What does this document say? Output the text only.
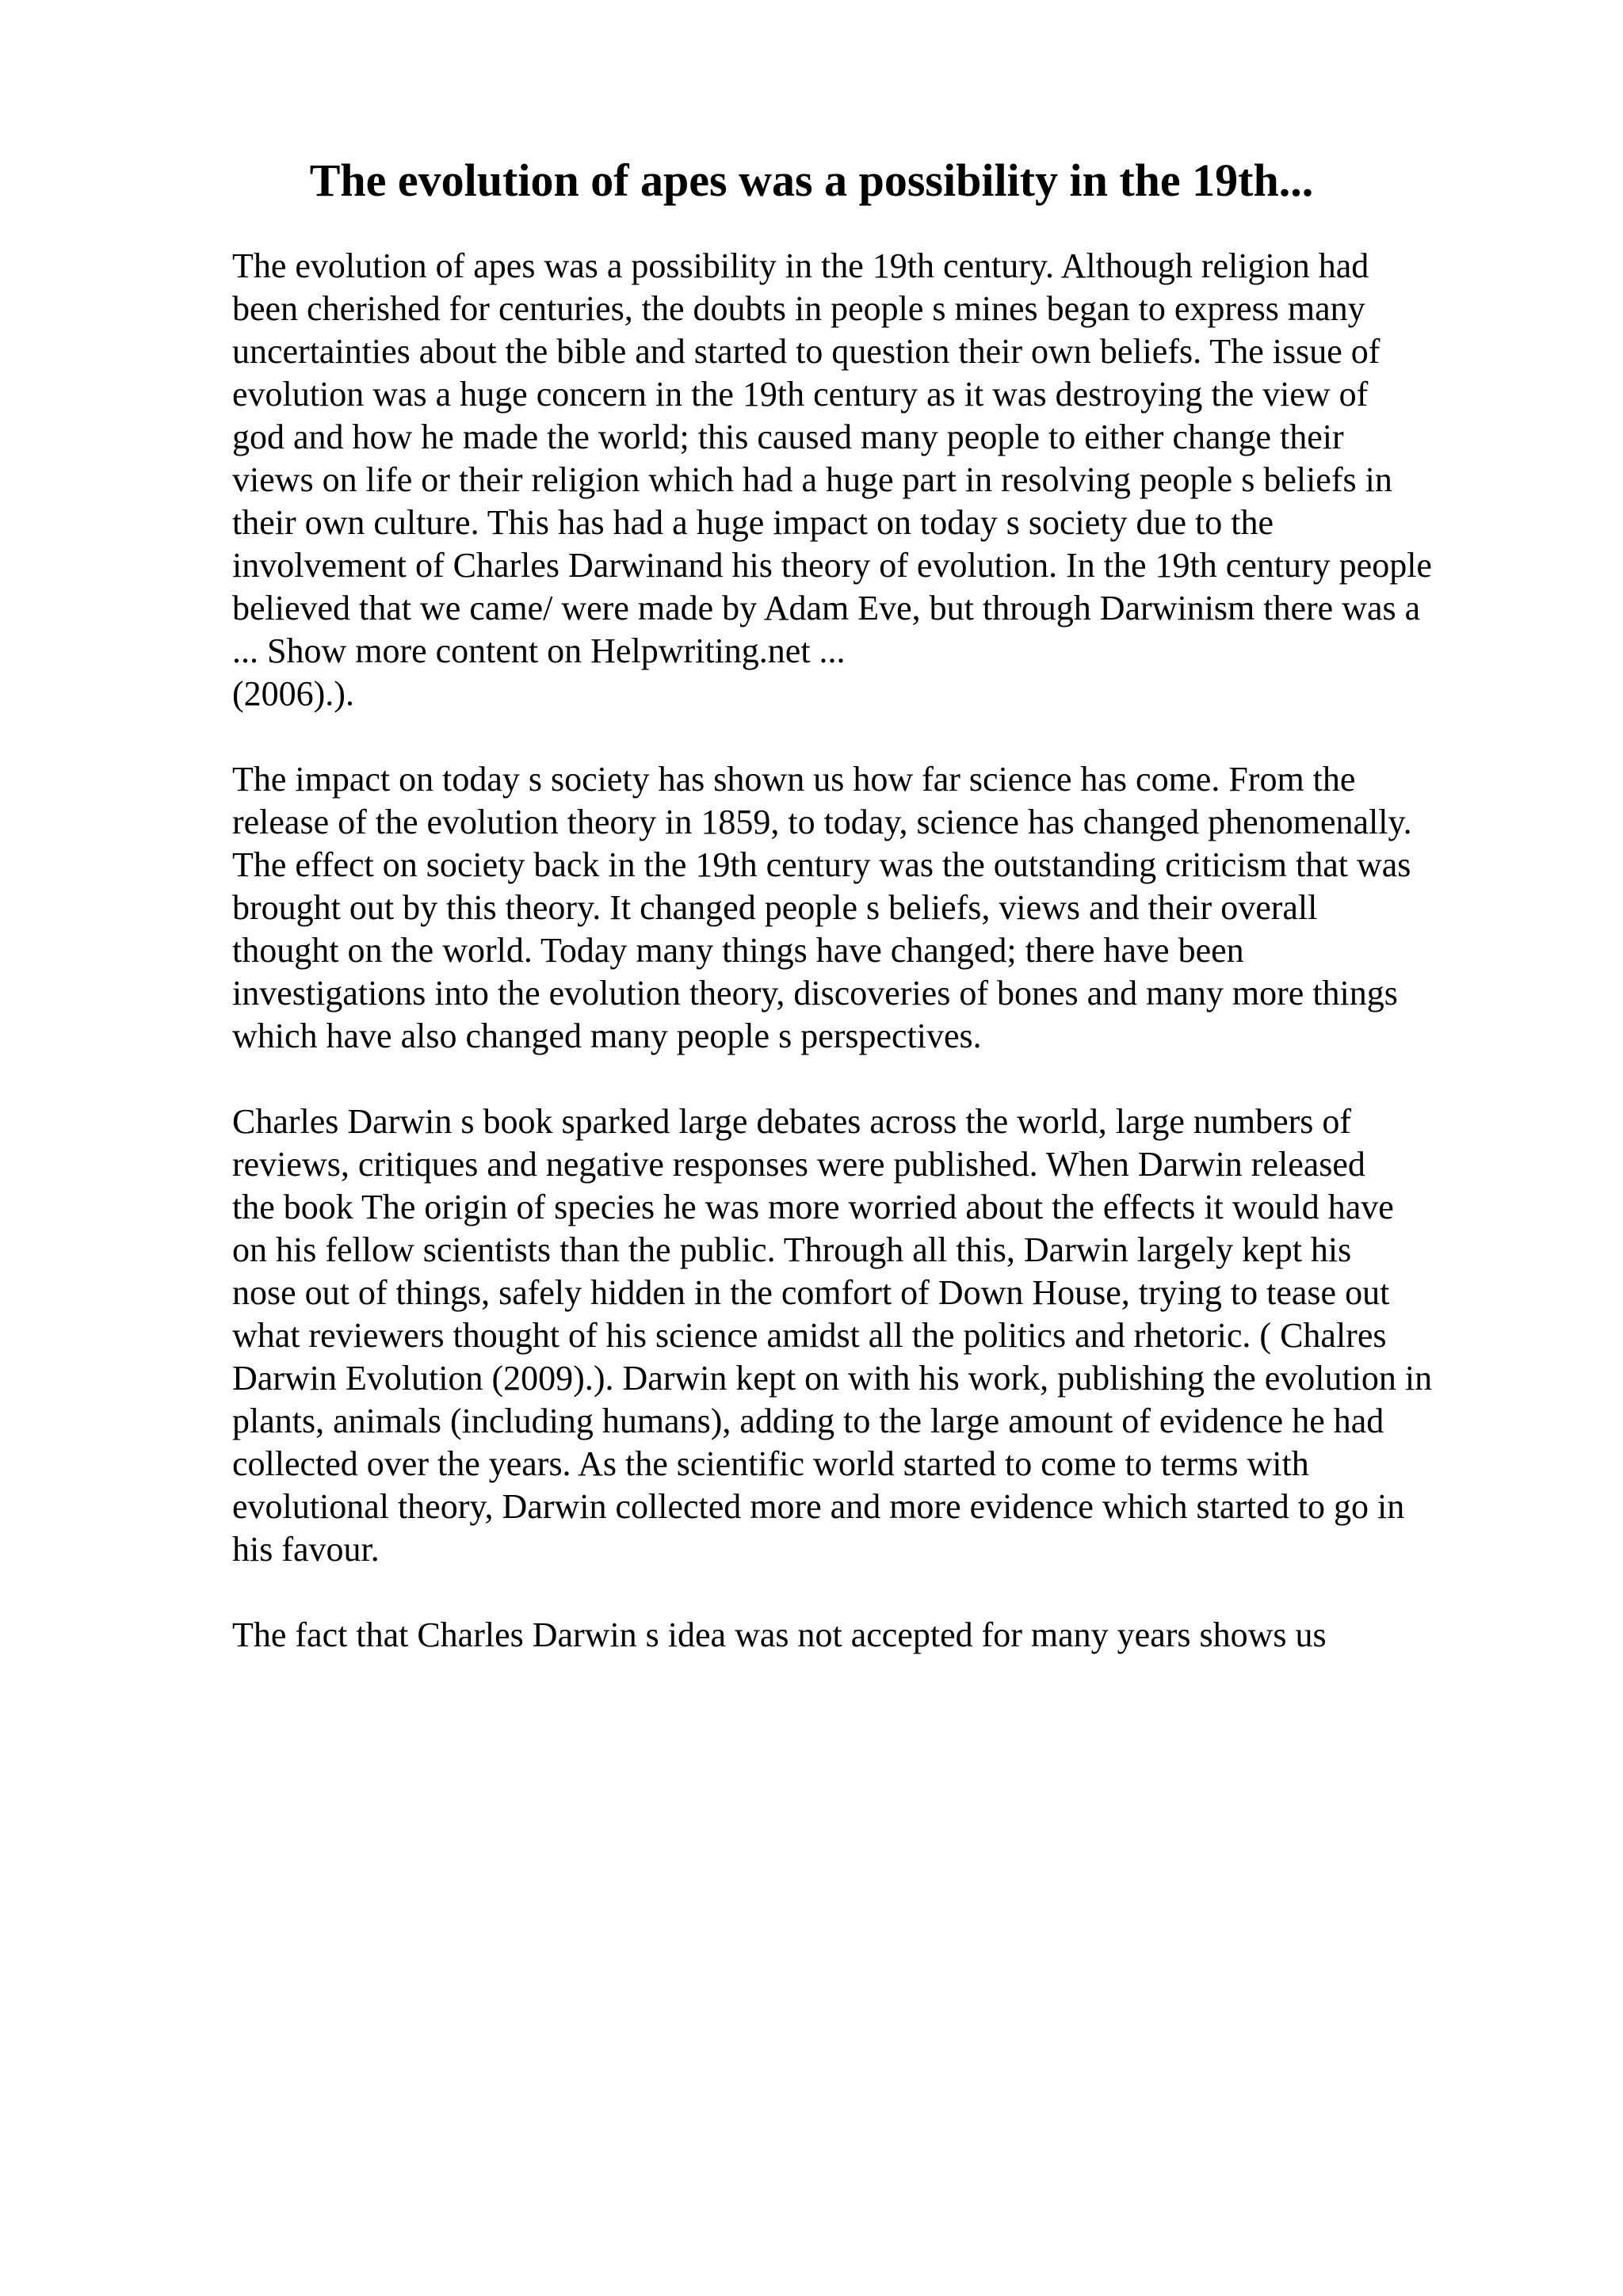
The evolution of apes was a possibility in the 19th...

The evolution of apes was a possibility in the 19th century. Although religion had
been cherished for centuries, the doubts in people s mines began to express many
uncertainties about the bible and started to question their own beliefs. The issue of
evolution was a huge concern in the 19th century as it was destroying the view of
god and how he made the world; this caused many people to either change their
views on life or their religion which had a huge part in resolving people s beliefs in
their own culture. This has had a huge impact on today s society due to the
involvement of Charles Darwinand his theory of evolution. In the 19th century people
believed that we came/ were made by Adam Eve, but through Darwinism there was a
... Show more content on Helpwriting.net ...
(2006).).

The impact on today s society has shown us how far science has come. From the
release of the evolution theory in 1859, to today, science has changed phenomenally.
The effect on society back in the 19th century was the outstanding criticism that was
brought out by this theory. It changed people s beliefs, views and their overall
thought on the world. Today many things have changed; there have been
investigations into the evolution theory, discoveries of bones and many more things
which have also changed many people s perspectives.

Charles Darwin s book sparked large debates across the world, large numbers of
reviews, critiques and negative responses were published. When Darwin released
the book The origin of species he was more worried about the effects it would have
on his fellow scientists than the public. Through all this, Darwin largely kept his
nose out of things, safely hidden in the comfort of Down House, trying to tease out
what reviewers thought of his science amidst all the politics and rhetoric. ( Chalres
Darwin Evolution (2009).). Darwin kept on with his work, publishing the evolution in
plants, animals (including humans), adding to the large amount of evidence he had
collected over the years. As the scientific world started to come to terms with
evolutional theory, Darwin collected more and more evidence which started to go in
his favour.

The fact that Charles Darwin s idea was not accepted for many years shows us
